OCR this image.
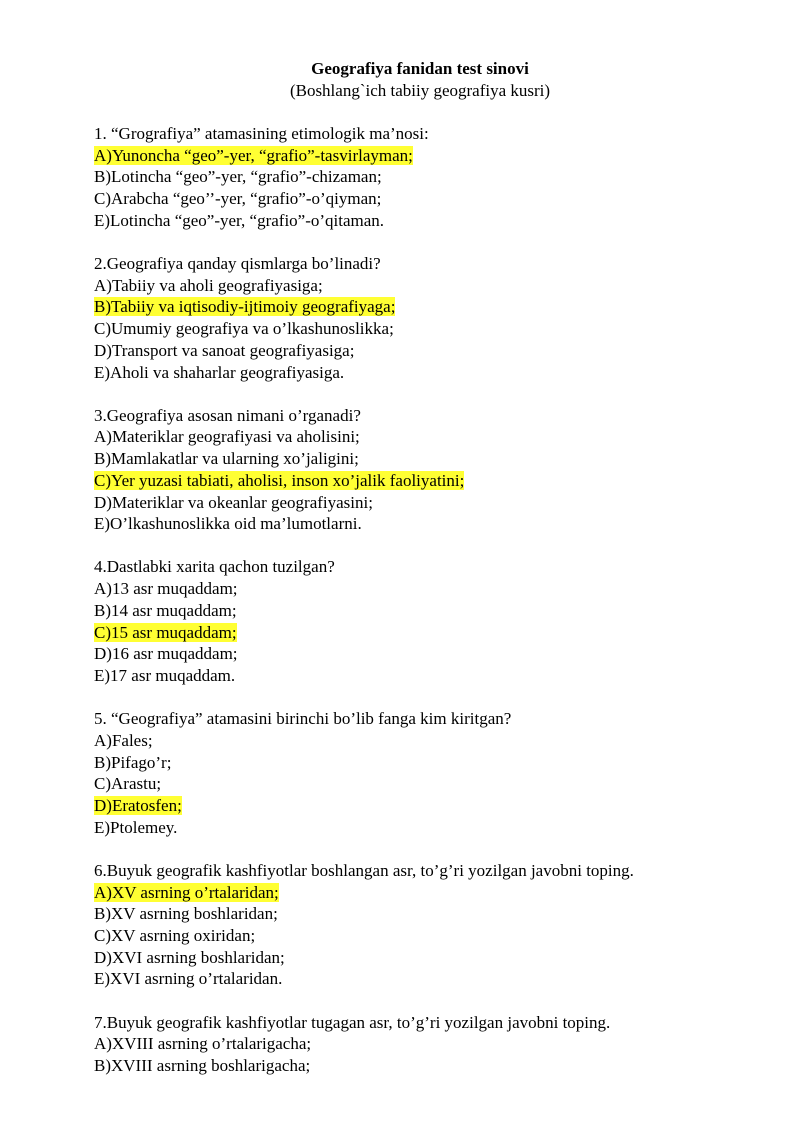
Geografiya fanidan test sinovi
(Boshlang`ich tabiiy geografiya kusri)
1. “Grografiya” atamasining etimologik ma’nosi:
A)Yunoncha “geo”-yer, “grafio”-tasvirlayman;
B)Lotincha “geo”-yer, “grafio”-chizaman;
C)Arabcha “geo’’-yer, “grafio”-o’qiyman;
E)Lotincha “geo”-yer, “grafio”-o’qitaman.
2.Geografiya qanday qismlarga bo’linadi?
A)Tabiiy va aholi geografiyasiga;
B)Tabiiy va iqtisodiy-ijtimoiy geografiyaga;
C)Umumiy geografiya va o’lkashunoslikka;
D)Transport va sanoat geografiyasiga;
E)Aholi va shaharlar geografiyasiga.
3.Geografiya asosan nimani o’rganadi?
A)Materiklar geografiyasi va aholisini;
B)Mamlakatlar va ularning xo’jaligini;
C)Yer yuzasi tabiati, aholisi, inson xo’jalik faoliyatini;
D)Materiklar va okeanlar geografiyasini;
E)O’lkashunoslikka oid ma’lumotlarni.
4.Dastlabki xarita qachon tuzilgan?
A)13 asr muqaddam;
B)14 asr muqaddam;
C)15 asr muqaddam;
D)16 asr muqaddam;
E)17 asr muqaddam.
5. “Geografiya” atamasini birinchi bo’lib fanga kim kiritgan?
A)Fales;
B)Pifago’r;
C)Arastu;
D)Eratosfen;
E)Ptolemey.
6.Buyuk geografik kashfiyotlar boshlangan asr, to’g’ri yozilgan javobni toping.
A)XV asrning o’rtalaridan;
B)XV asrning boshlaridan;
C)XV asrning oxiridan;
D)XVI asrning boshlaridan;
E)XVI asrning o’rtalaridan.
7.Buyuk geografik kashfiyotlar tugagan asr, to’g’ri yozilgan javobni toping.
A)XVIII asrning o’rtalarigacha;
B)XVIII asrning boshlarigacha;
